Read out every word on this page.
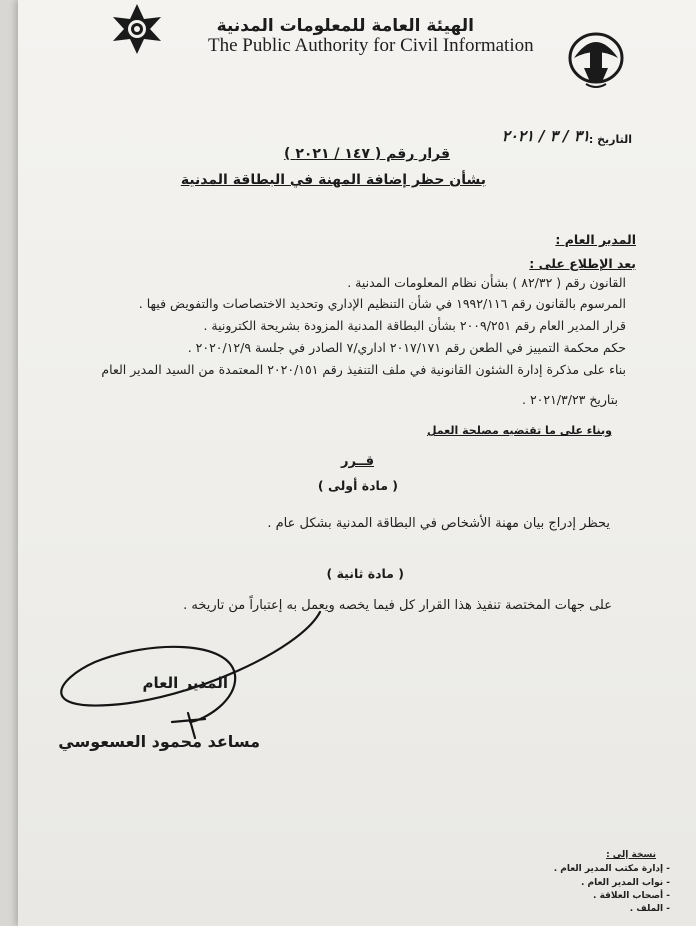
الهيئة العامة للمعلومات المدنية
The Public Authority for Civil Information
التاريخ :
٣١ / ٣ / ٢٠٢١
قرار رقم ( ١٤٧ / ٢٠٢١ )
بشأن حظر إضافة المهنة في البطاقة المدنية
المدير العام :
بعد الإطلاع على :
القانون رقم ( ٨٢/٣٢ ) بشأن نظام المعلومات المدنية .
المرسوم بالقانون رقم ١٩٩٢/١١٦ في شأن التنظيم الإداري وتحديد الاختصاصات والتفويض فيها .
قرار المدير العام رقم ٢٠٠٩/٢٥١ بشأن البطاقة المدنية المزودة بشريحة الكترونية .
حكم محكمة التمييز في الطعن رقم ٢٠١٧/١٧١ اداري/٧ الصادر في جلسة ٢٠٢٠/١٢/٩ .
بناء على مذكرة إدارة الشئون القانونية في ملف التنفيذ رقم ٢٠٢٠/١٥١ المعتمدة من السيد المدير العام
بتاريخ ٢٠٢١/٣/٢٣ .
وبناء على ما تقتضيه مصلحة العمل
قــرر
( مادة أولى )
يحظر إدراج بيان مهنة الأشخاص في البطاقة المدنية بشكل عام .
( مادة ثانية )
على جهات المختصة تنفيذ هذا القرار كل فيما يخصه ويعمل به إعتباراً من تاريخه .
المدير العام
مساعد محمود العسعوسي
نسخة إلى :
- إدارة مكتب المدير العام .
- نواب المدير العام .
- أصحاب العلاقة .
- الملف .
